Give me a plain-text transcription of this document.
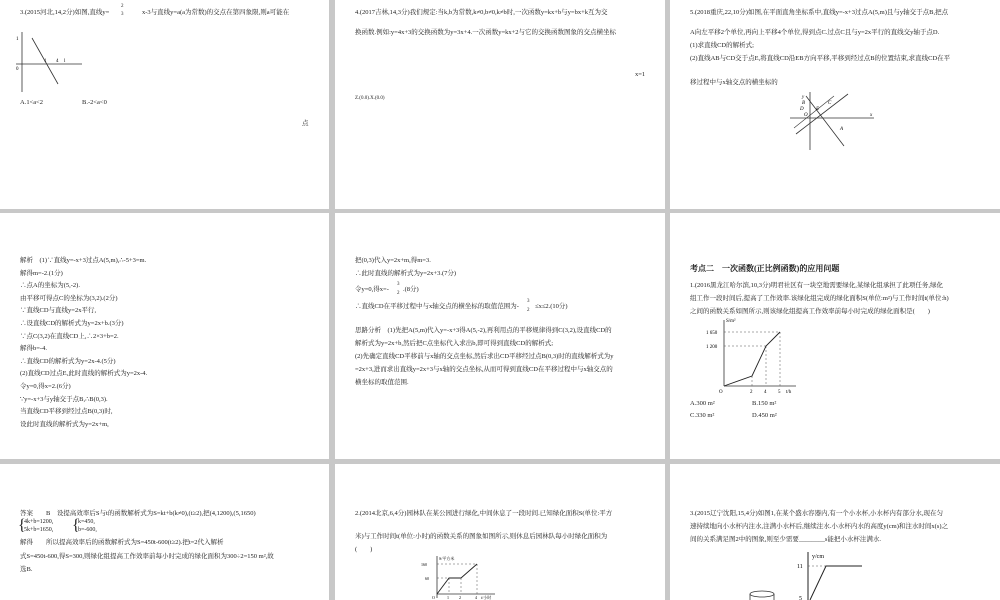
3.(2015河北,14,2分)如图,直线y=
2
3	x-3与直线y=a(a为常数)的交点在第四象限,则a可能在
1
0
1 4 l
A.1<a<2	B.-2<a<0
点
4.(2017吉林,14,3分)我们规定:当k,b为常数,k≠0,b≠0,k≠b时,一次函数y=kx+b与y=bx+k互为交
换函数.例如:y=4x+3的交换函数为y=3x+4.一次函数y=kx+2与它的交换函数图象的交点横坐标
x=1
Z.(0.0).X.(0.0)
5.(2018重庆,22,10分)如图,在平面直角坐标系中,直线y=-x+3过点A(5,m)且与y轴交于点B,把点
A向左平移2个单位,再向上平移4个单位,得到点C.过点C且与y=2x平行的直线交y轴于点D.
(1)求直线CD的解析式;
(2)直线AB与CD交于点E,将直线CD沿EB方向平移,平移到经过点B的位置结束,求直线CD在平
移过程中与x轴交点的横坐标的
y
D
C
E
B
O	x
A
解析　(1)∵直线y=-x+3过点A(5,m),∴-5+3=m.
解得m=-2.(1分)
∴点A的坐标为(5,-2).
由平移可得点C的坐标为(3,2).(2分)
∵直线CD与直线y=2x平行,
∴设直线CD的解析式为y=2x+b.(3分)
∵点C(3,2)在直线CD上,∴2×3+b=2.
解得b=-4.
∴直线CD的解析式为y=2x-4.(5分)
(2)直线CD过点E,此时直线的解析式为y=2x-4.
令y=0,得x=2.(6分)
∵y=-x+3与y轴交于点B,∴B(0,3).
当直线CD平移到经过点B(0,3)时,
设此时直线的解析式为y=2x+m,
把(0,3)代入y=2x+m,得m=3.
∴此时直线的解析式为y=2x+3.(7分)
令y=0,得x=-
3
2
.(8分)
∴直线CD在平移过程中与x轴交点的横坐标的取值范围为-
3
2
≤x≤2.(10分)
思路分析　(1)先把A(5,m)代入y=-x+3得A(5,-2),再利用点的平移规律得到C(3,2),设直线CD的
解析式为y=2x+b,然后把C点坐标代入求出b,即可得到直线CD的解析式;
(2)先确定直线CD平移前与x轴的交点坐标,然后求出CD平移经过点B(0,3)时的直线解析式为y
=2x+3,进而求出直线y=2x+3与x轴的交点坐标,从而可得到直线CD在平移过程中与x轴交点的
横坐标的取值范围.
考点二　一次函数(正比例函数)的应用问题
1.(2016黑龙江哈尔滨,10,3分)明君社区有一块空地需要绿化,某绿化组承担了此项任务,绿化
组工作一段时间后,提高了工作效率.该绿化组完成的绿化面积S(单位:m²)与工作时间t(单位:h)
之间的函数关系如图所示,则该绿化组提高工作效率前每小时完成的绿化面积是(　　)
S/m²
1 650
1 200
O	2 4 5 t/h
A.300 m²	B.150 m²
C.330 m²	D.450 m²
答案　　B　设提高效率后S与t的函数解析式为S=kt+b(k≠0),(t≥2),把(4,1200),(5,1650)
{
4k+b=1200,
5k+b=1650, {
k=450,
b=-600,
解得　　所以提高效率后的函数解析式为S=450t-600(t≥2).把t=2代入解析
式S=450t-600,得S=300,则绿化组提高工作效率前每小时完成的绿化面积为300÷2=150 m²,故
选B.
2.(2014北京,6,4分)园林队在某公园进行绿化,中间休息了一段时间.已知绿化面积S(单位:平方
米)与工作时间t(单位:小时)的函数关系的图象如图所示,则休息后园林队每小时绿化面积为
(　　)
S/平方米
160
60
O	1	2	4 t/小时
3.(2015辽宁沈阳,15,4分)如图1,在某个盛水容器内,有一个小水杯,小水杯内有部分水,现在匀
速持续地向小水杯内注水,注满小水杯后,继续注水.小水杯内水的高度y(cm)和注水时间x(s)之
间的关系满足图2中的图象,则至少需要________s能把小水杯注满水.
y/cm
11
5
